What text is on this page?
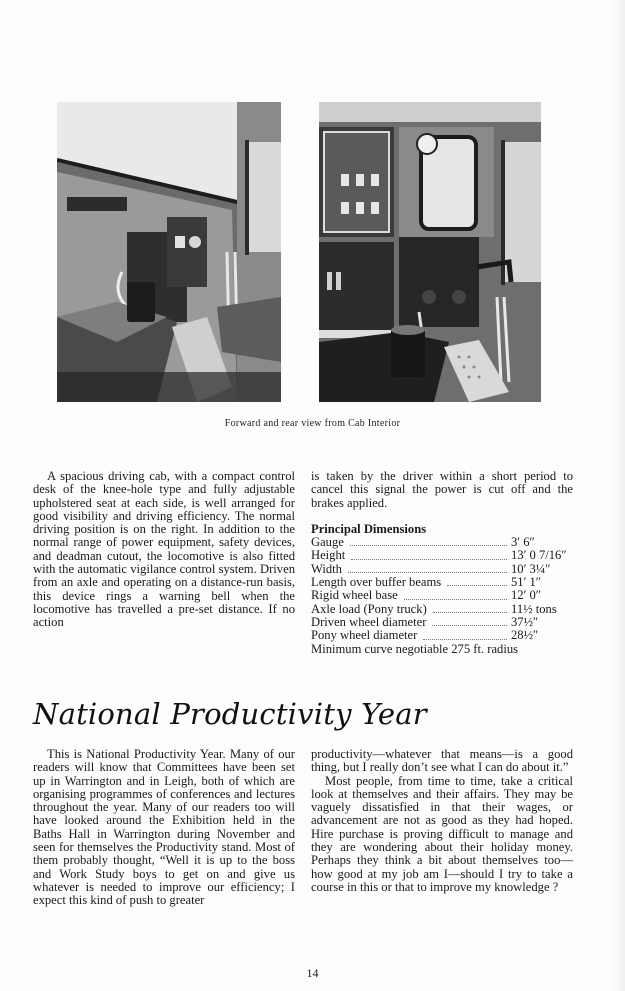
Forward and rear view from Cab Interior

A spacious driving cab, with a compact control desk of the knee-hole type and fully adjustable upholstered seat at each side, is well arranged for good visibility and driving efficiency. The normal driving position is on the right. In addition to the normal range of power equipment, safety devices, and deadman cutout, the locomotive is also fitted with the automatic vigilance control system. Driven from an axle and operating on a distance-run basis, this device rings a warning bell when the locomotive has travelled a pre-set distance. If no action

is taken by the driver within a short period to cancel this signal the power is cut off and the brakes applied.

Principal Dimensions

Gauge	3′ 6″
Height	13′ 0 7/16″
Width	10′ 3¼″
Length over buffer beams	51′ 1″
Rigid wheel base	12′ 0″
Axle load (Pony truck)	11½ tons
Driven wheel diameter	37½″
Pony wheel diameter	28½″
Minimum curve negotiable 275 ft. radius
National Productivity Year

This is National Productivity Year. Many of our readers will know that Committees have been set up in Warrington and in Leigh, both of which are organising programmes of conferences and lectures throughout the year. Many of our readers too will have looked around the Exhibition held in the Baths Hall in Warrington during November and seen for themselves the Productivity stand. Most of them probably thought, “Well it is up to the boss and Work Study boys to get on and give us whatever is needed to improve our efficiency; I expect this kind of push to greater

productivity—whatever that means—is a good thing, but I really don’t see what I can do about it.”

Most people, from time to time, take a critical look at themselves and their affairs. They may be vaguely dissatisfied in that their wages, or advancement are not as good as they had hoped. Hire purchase is proving difficult to manage and they are wondering about their holiday money. Perhaps they think a bit about themselves too—how good at my job am I—should I try to take a course in this or that to improve my knowledge ?

14
